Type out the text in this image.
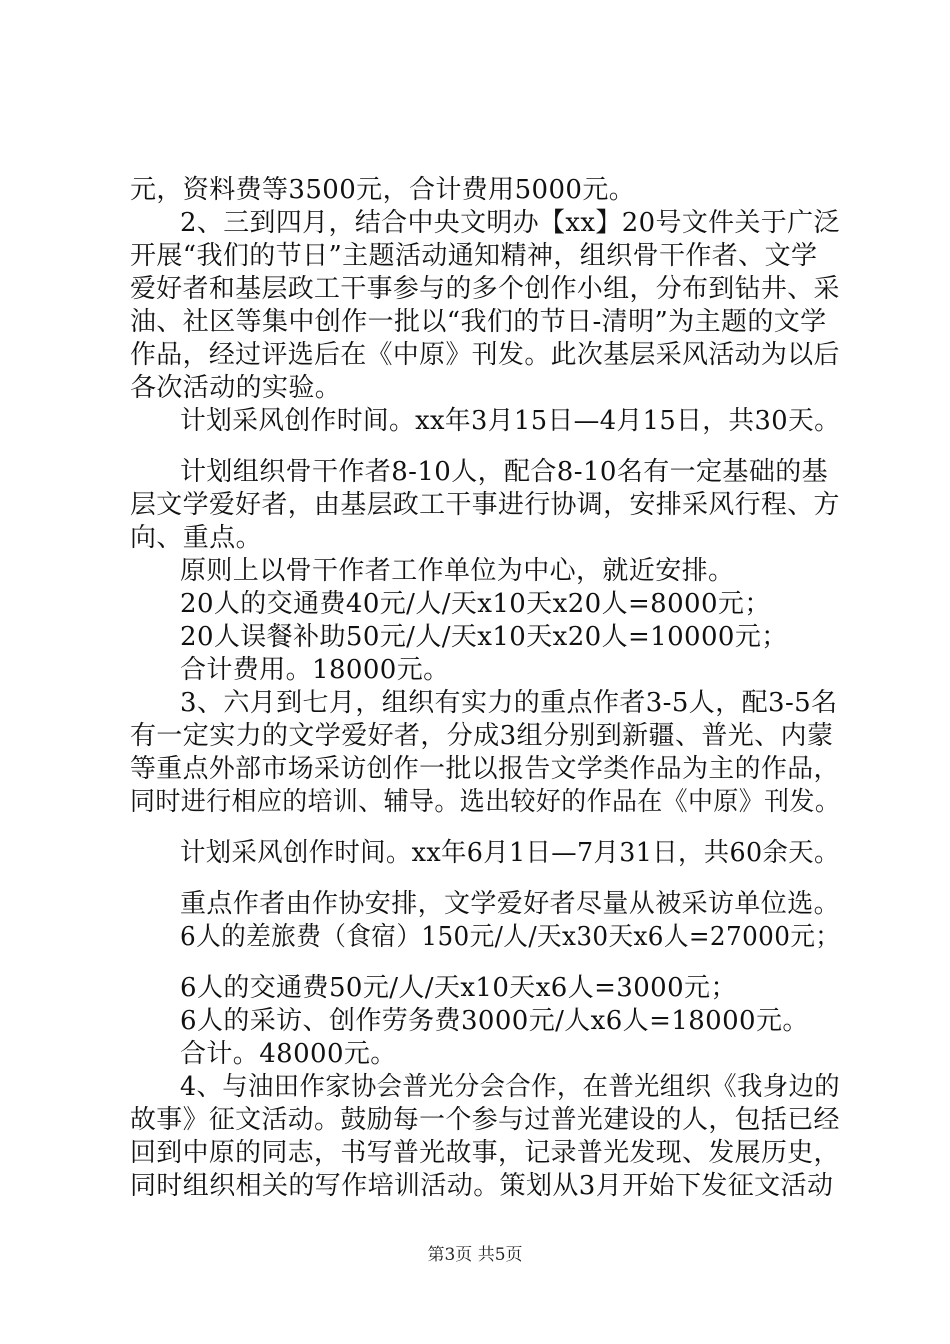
元，资料费等3500元，合计费用5000元。
2、三到四月，结合中央文明办【xx】20号文件关于广泛
开展“我们的节日”主题活动通知精神，组织骨干作者、文学
爱好者和基层政工干事参与的多个创作小组，分布到钻井、采
油、社区等集中创作一批以“我们的节日-清明”为主题的文学
作品，经过评选后在《中原》刊发。此次基层采风活动为以后
各次活动的实验。
计划采风创作时间。xx年3月15日—4月15日，共30天。
计划组织骨干作者8-10人，配合8-10名有一定基础的基
层文学爱好者，由基层政工干事进行协调，安排采风行程、方
向、重点。
原则上以骨干作者工作单位为中心，就近安排。
20人的交通费40元/人/天x10天x20人=8000元；
20人误餐补助50元/人/天x10天x20人=10000元；
合计费用。18000元。
3、六月到七月，组织有实力的重点作者3-5人，配3-5名
有一定实力的文学爱好者，分成3组分别到新疆、普光、内蒙
等重点外部市场采访创作一批以报告文学类作品为主的作品，
同时进行相应的培训、辅导。选出较好的作品在《中原》刊发。
计划采风创作时间。xx年6月1日—7月31日，共60余天。
重点作者由作协安排，文学爱好者尽量从被采访单位选。
6人的差旅费（食宿）150元/人/天x30天x6人=27000元；
6人的交通费50元/人/天x10天x6人=3000元；
6人的采访、创作劳务费3000元/人x6人=18000元。
合计。48000元。
4、与油田作家协会普光分会合作，在普光组织《我身边的
故事》征文活动。鼓励每一个参与过普光建设的人，包括已经
回到中原的同志，书写普光故事，记录普光发现、发展历史，
同时组织相关的写作培训活动。策划从3月开始下发征文活动
第3页 共5页
